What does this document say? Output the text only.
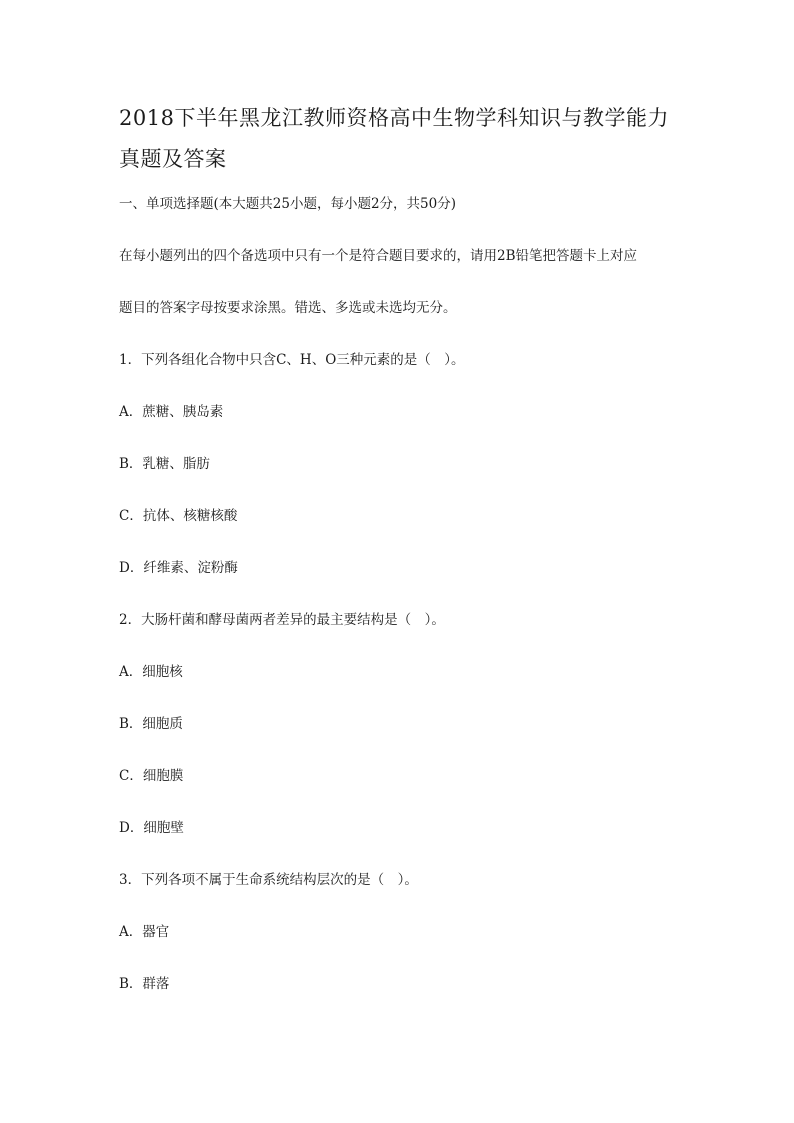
2018下半年黑龙江教师资格高中生物学科知识与教学能力
真题及答案
一、单项选择题(本大题共25小题，每小题2分，共50分)
在每小题列出的四个备选项中只有一个是符合题目要求的，请用2B铅笔把答题卡上对应
题目的答案字母按要求涂黑。错选、多选或未选均无分。
1．下列各组化合物中只含C、H、O三种元素的是（　）。
A．蔗糖、胰岛素
B．乳糖、脂肪
C．抗体、核糖核酸
D．纤维素、淀粉酶
2．大肠杆菌和酵母菌两者差异的最主要结构是（　）。
A．细胞核
B．细胞质
C．细胞膜
D．细胞壁
3．下列各项不属于生命系统结构层次的是（　）。
A．器官
B．群落
